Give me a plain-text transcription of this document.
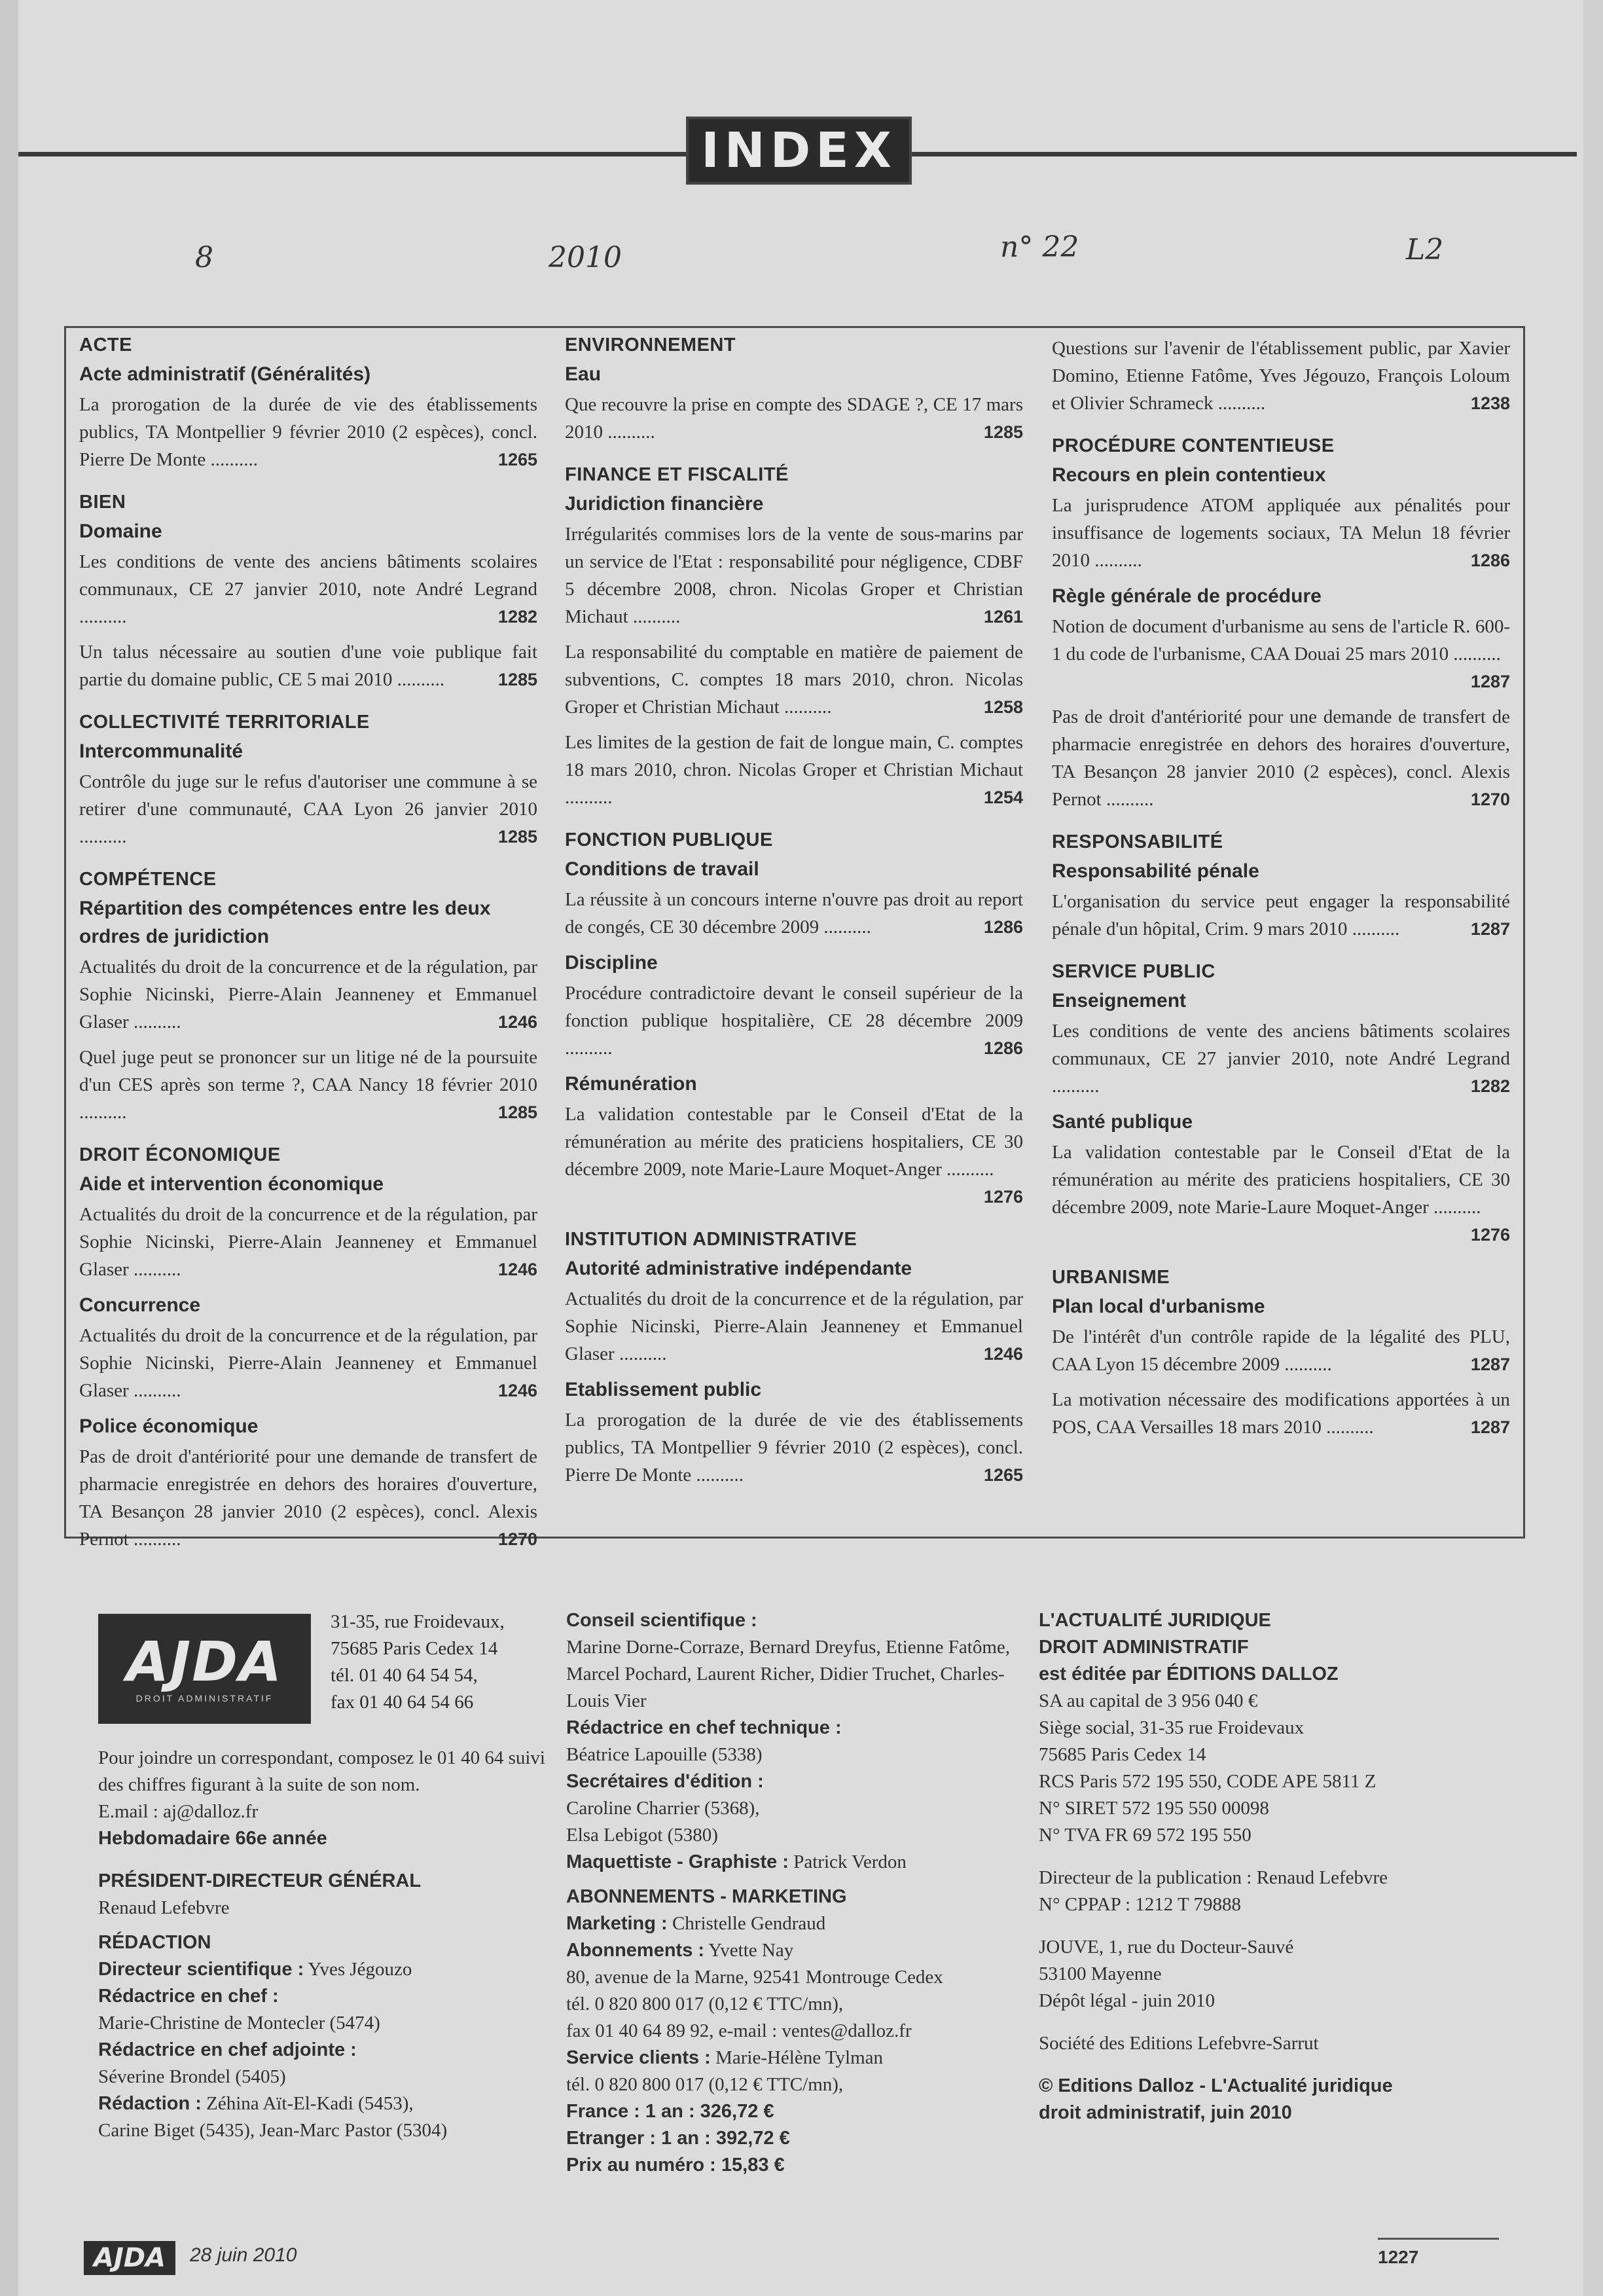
INDEX
8	2010	n° 22	L2
ACTE
Acte administratif (Généralités)

La prorogation de la durée de vie des établissements publics, TA Montpellier 9 février 2010 (2 espèces), concl. Pierre De Monte ..........	1265

BIEN
Domaine

Les conditions de vente des anciens bâtiments scolaires communaux, CE 27 janvier 2010, note André Legrand ..........	1282

Un talus nécessaire au soutien d'une voie publique fait partie du domaine public, CE 5 mai 2010 ..........	1285

COLLECTIVITÉ TERRITORIALE
Intercommunalité

Contrôle du juge sur le refus d'autoriser une commune à se retirer d'une communauté, CAA Lyon 26 janvier 2010 ..........	1285

COMPÉTENCE
Répartition des compétences entre les deux ordres de juridiction

Actualités du droit de la concurrence et de la régulation, par Sophie Nicinski, Pierre-Alain Jeanneney et Emmanuel Glaser ..........	1246

Quel juge peut se prononcer sur un litige né de la poursuite d'un CES après son terme ?, CAA Nancy 18 février 2010 ..........	1285

DROIT ÉCONOMIQUE
Aide et intervention économique

Actualités du droit de la concurrence et de la régulation, par Sophie Nicinski, Pierre-Alain Jeanneney et Emmanuel Glaser ..........	1246

Concurrence

Actualités du droit de la concurrence et de la régulation, par Sophie Nicinski, Pierre-Alain Jeanneney et Emmanuel Glaser ..........	1246

Police économique

Pas de droit d'antériorité pour une demande de transfert de pharmacie enregistrée en dehors des horaires d'ouverture, TA Besançon 28 janvier 2010 (2 espèces), concl. Alexis Pernot ..........	1270

ENVIRONNEMENT
Eau

Que recouvre la prise en compte des SDAGE ?, CE 17 mars 2010 ..........	1285

FINANCE ET FISCALITÉ
Juridiction financière

Irrégularités commises lors de la vente de sous-marins par un service de l'Etat : responsabilité pour négligence, CDBF 5 décembre 2008, chron. Nicolas Groper et Christian Michaut ..........	1261

La responsabilité du comptable en matière de paiement de subventions, C. comptes 18 mars 2010, chron. Nicolas Groper et Christian Michaut ..........	1258

Les limites de la gestion de fait de longue main, C. comptes 18 mars 2010, chron. Nicolas Groper et Christian Michaut ..........	1254

FONCTION PUBLIQUE
Conditions de travail

La réussite à un concours interne n'ouvre pas droit au report de congés, CE 30 décembre 2009 ..........	1286

Discipline

Procédure contradictoire devant le conseil supérieur de la fonction publique hospitalière, CE 28 décembre 2009 ..........	1286

Rémunération

La validation contestable par le Conseil d'Etat de la rémunération au mérite des praticiens hospitaliers, CE 30 décembre 2009, note Marie-Laure Moquet-Anger ..........
1276

INSTITUTION ADMINISTRATIVE
Autorité administrative indépendante

Actualités du droit de la concurrence et de la régulation, par Sophie Nicinski, Pierre-Alain Jeanneney et Emmanuel Glaser ..........	1246

Etablissement public

La prorogation de la durée de vie des établissements publics, TA Montpellier 9 février 2010 (2 espèces), concl. Pierre De Monte ..........	1265

Questions sur l'avenir de l'établissement public, par Xavier Domino, Etienne Fatôme, Yves Jégouzo, François Loloum et Olivier Schrameck ..........	1238

PROCÉDURE CONTENTIEUSE
Recours en plein contentieux

La jurisprudence ATOM appliquée aux pénalités pour insuffisance de logements sociaux, TA Melun 18 février 2010 ..........	1286

Règle générale de procédure

Notion de document d'urbanisme au sens de l'article R. 600-1 du code de l'urbanisme, CAA Douai 25 mars 2010 ..........
1287

Pas de droit d'antériorité pour une demande de transfert de pharmacie enregistrée en dehors des horaires d'ouverture, TA Besançon 28 janvier 2010 (2 espèces), concl. Alexis Pernot ..........	1270

RESPONSABILITÉ
Responsabilité pénale

L'organisation du service peut engager la responsabilité pénale d'un hôpital, Crim. 9 mars 2010 ..........	1287

SERVICE PUBLIC
Enseignement

Les conditions de vente des anciens bâtiments scolaires communaux, CE 27 janvier 2010, note André Legrand ..........	1282

Santé publique

La validation contestable par le Conseil d'Etat de la rémunération au mérite des praticiens hospitaliers, CE 30 décembre 2009, note Marie-Laure Moquet-Anger ..........
1276

URBANISME
Plan local d'urbanisme

De l'intérêt d'un contrôle rapide de la légalité des PLU, CAA Lyon 15 décembre 2009 ..........	1287

La motivation nécessaire des modifications apportées à un POS, CAA Versailles 18 mars 2010 ..........	1287

AJDA
DROIT ADMINISTRATIF

31-35, rue Froidevaux,

75685 Paris Cedex 14

tél. 01 40 64 54 54,

fax 01 40 64 54 66

Pour joindre un correspondant, composez le 01 40 64 suivi des chiffres figurant à la suite de son nom.

E.mail : aj@dalloz.fr

Hebdomadaire 66e année

PRÉSIDENT-DIRECTEUR GÉNÉRAL

Renaud Lefebvre

RÉDACTION

Directeur scientifique : Yves Jégouzo

Rédactrice en chef :

Marie-Christine de Montecler (5474)

Rédactrice en chef adjointe :

Séverine Brondel (5405)

Rédaction : Zéhina Aït-El-Kadi (5453),

Carine Biget (5435), Jean-Marc Pastor (5304)

Conseil scientifique :

Marine Dorne-Corraze, Bernard Dreyfus, Etienne Fatôme, Marcel Pochard, Laurent Richer, Didier Truchet, Charles-Louis Vier

Rédactrice en chef technique :

Béatrice Lapouille (5338)

Secrétaires d'édition :

Caroline Charrier (5368),

Elsa Lebigot (5380)

Maquettiste - Graphiste : Patrick Verdon

ABONNEMENTS - MARKETING

Marketing : Christelle Gendraud

Abonnements : Yvette Nay

80, avenue de la Marne, 92541 Montrouge Cedex

tél. 0 820 800 017 (0,12 € TTC/mn),

fax 01 40 64 89 92, e-mail : ventes@dalloz.fr

Service clients : Marie-Hélène Tylman

tél. 0 820 800 017 (0,12 € TTC/mn),

France : 1 an : 326,72 €

Etranger : 1 an : 392,72 €

Prix au numéro : 15,83 €

L'ACTUALITÉ JURIDIQUE

DROIT ADMINISTRATIF

est éditée par ÉDITIONS DALLOZ

SA au capital de 3 956 040 €

Siège social, 31-35 rue Froidevaux

75685 Paris Cedex 14

RCS Paris 572 195 550, CODE APE 5811 Z

N° SIRET 572 195 550 00098

N° TVA FR 69 572 195 550

Directeur de la publication : Renaud Lefebvre

N° CPPAP : 1212 T 79888

JOUVE, 1, rue du Docteur-Sauvé

53100 Mayenne

Dépôt légal - juin 2010

Société des Editions Lefebvre-Sarrut

© Editions Dalloz - L'Actualité juridique

droit administratif, juin 2010

AJDA	28 juin 2010	1227
